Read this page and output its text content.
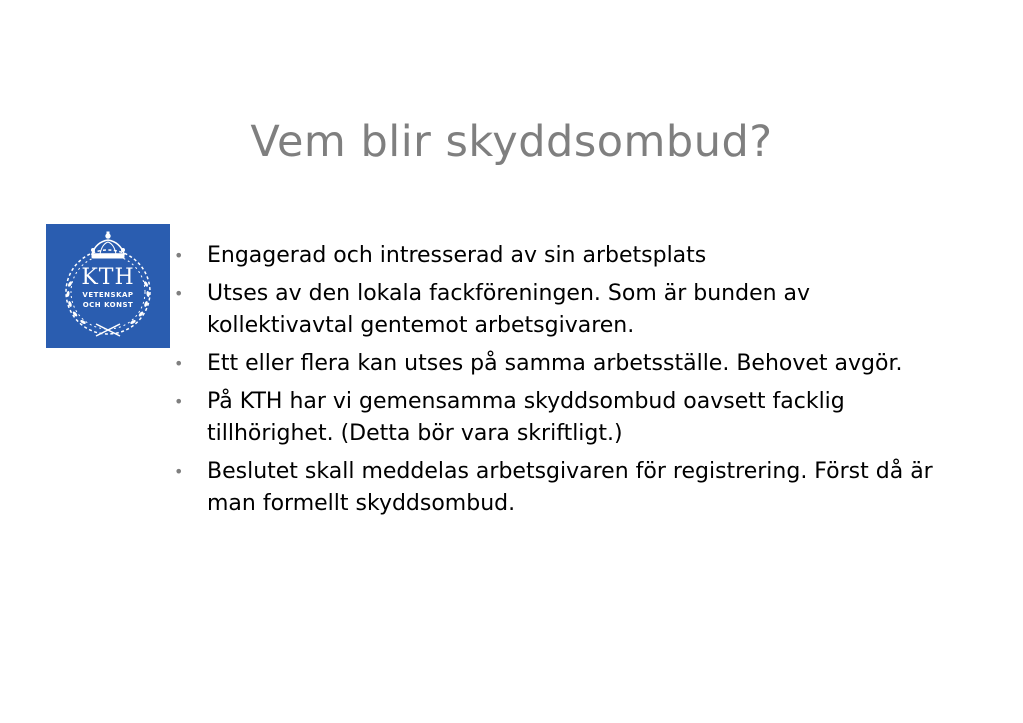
Vem blir skyddsombud?
KTH
VETENSKAP
OCH KONST
• Engagerad och intresserad av sin arbetsplats
• Utses av den lokala fackföreningen. Som är bunden av kollektivavtal gentemot arbetsgivaren.
• Ett eller flera kan utses på samma arbetsställe. Behovet avgör.
• På KTH har vi gemensamma skyddsombud oavsett facklig tillhörighet. (Detta bör vara skriftligt.)
• Beslutet skall meddelas arbetsgivaren för registrering. Först då är man formellt skyddsombud.
